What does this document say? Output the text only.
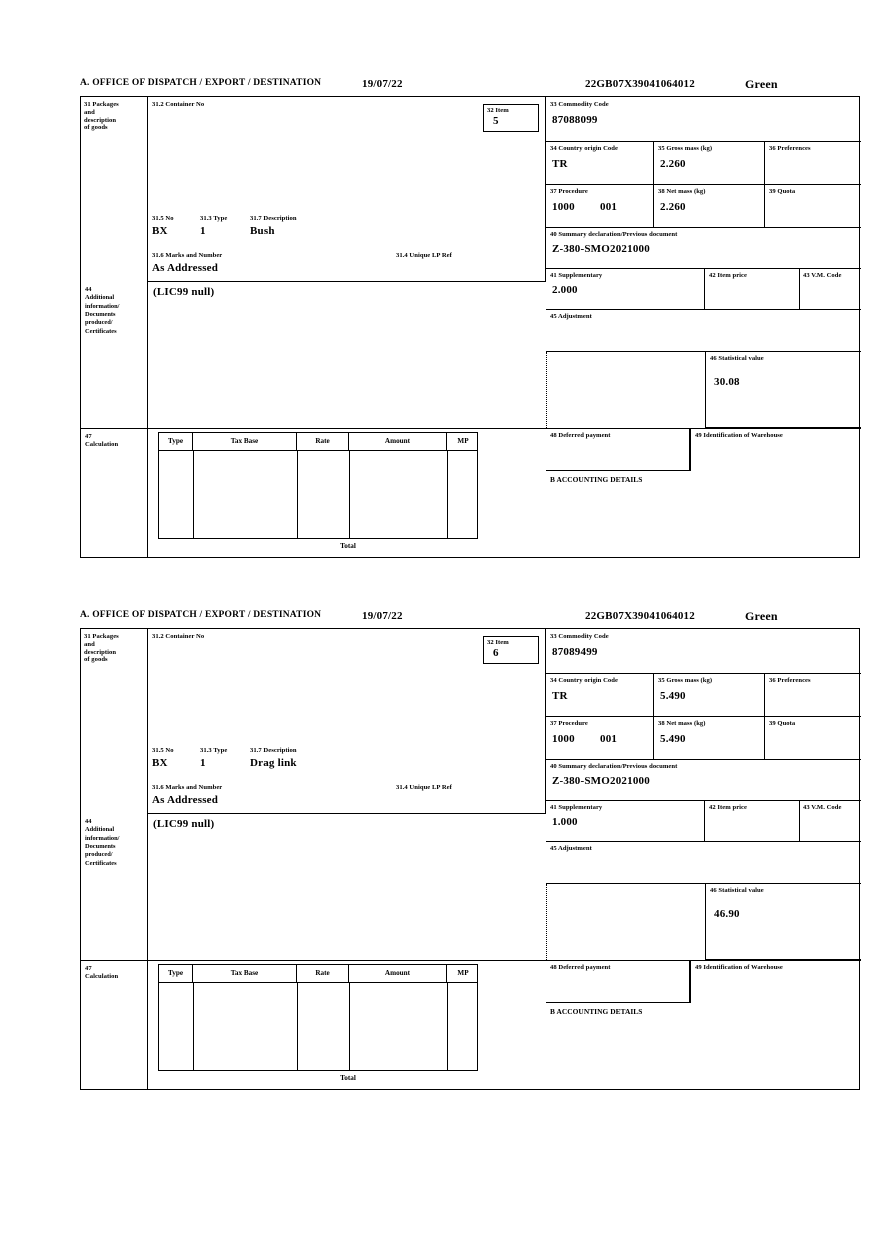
A. OFFICE OF DISPATCH / EXPORT / DESTINATION	19/07/22	22GB07X39041064012	Green
31 Packages
and
description
of goods
31.2 Container No
31.5 No	31.3 Type	31.7 Description
BX	1	Bush
31.6 Marks and Number	31.4 Unique LP Ref
As Addressed
32 Item
5
33 Commodity Code
87088099
34 Country origin Code
TR
35 Gross mass (kg)
2.260
36 Preferences
37 Procedure
1000 001
38 Net mass (kg)
2.260
39 Quota
40 Summary declaration/Previous document
Z-380-SMO2021000
41 Supplementary
2.000
42 Item price	43 V.M. Code
44
Additional
information/
Documents
produced/
Certificates
(LIC99 null)
45 Adjustment
46 Statistical value
30.08
47
Calculation	Type	Tax Base	Rate	Amount	MP
Total
48 Deferred payment	49 Identification of Warehouse
B ACCOUNTING DETAILS
A. OFFICE OF DISPATCH / EXPORT / DESTINATION	19/07/22	22GB07X39041064012	Green
31 Packages
and
description
of goods
31.2 Container No
31.5 No	31.3 Type	31.7 Description
BX	1	Drag link
31.6 Marks and Number	31.4 Unique LP Ref
As Addressed
32 Item
6
33 Commodity Code
87089499
34 Country origin Code
TR
35 Gross mass (kg)
5.490
36 Preferences
37 Procedure
1000 001
38 Net mass (kg)
5.490
39 Quota
40 Summary declaration/Previous document
Z-380-SMO2021000
41 Supplementary
1.000
42 Item price	43 V.M. Code
44
Additional
information/
Documents
produced/
Certificates
(LIC99 null)
45 Adjustment
46 Statistical value
46.90
47
Calculation	Type	Tax Base	Rate	Amount	MP
Total
48 Deferred payment	49 Identification of Warehouse
B ACCOUNTING DETAILS
